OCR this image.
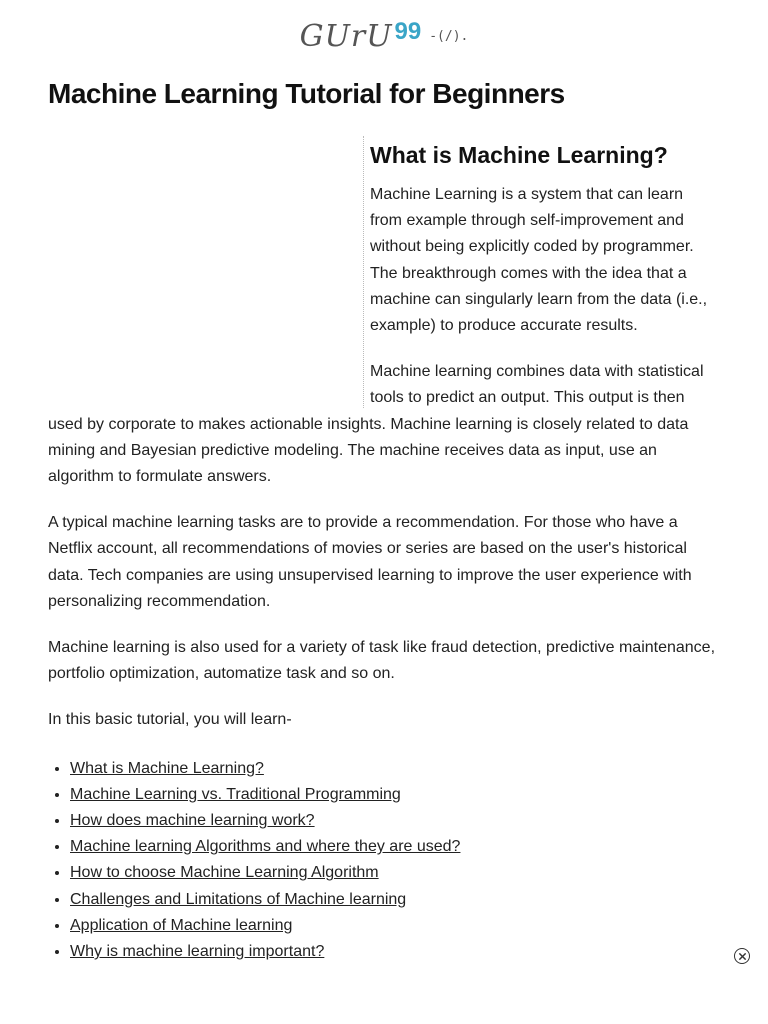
GUrU 99 -(/).
Machine Learning Tutorial for Beginners
What is Machine Learning?

Machine Learning is a system that can learn from example through self-improvement and without being explicitly coded by programmer. The breakthrough comes with the idea that a machine can singularly learn from the data (i.e., example) to produce accurate results.

Machine learning combines data with statistical tools to predict an output. This output is then used by corporate to makes actionable insights. Machine learning is closely related to data mining and Bayesian predictive modeling. The machine receives data as input, use an algorithm to formulate answers.

A typical machine learning tasks are to provide a recommendation. For those who have a Netflix account, all recommendations of movies or series are based on the user's historical data. Tech companies are using unsupervised learning to improve the user experience with personalizing recommendation.

Machine learning is also used for a variety of task like fraud detection, predictive maintenance, portfolio optimization, automatize task and so on.

In this basic tutorial, you will learn-

• What is Machine Learning?
• Machine Learning vs. Traditional Programming
• How does machine learning work?
• Machine learning Algorithms and where they are used?
• How to choose Machine Learning Algorithm
• Challenges and Limitations of Machine learning
• Application of Machine learning
• Why is machine learning important?
